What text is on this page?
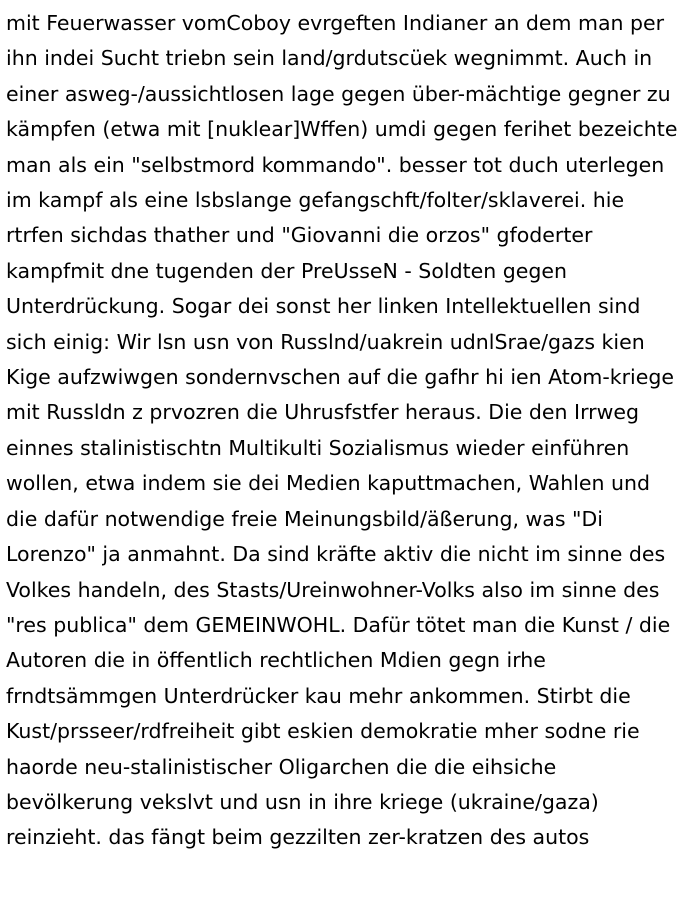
mit Feuerwasser vomCoboy evrgeften Indianer an dem man per ihn indei Sucht triebn sein land/grdutscüek wegnimmt. Auch in einer asweg-/aussichtlosen lage gegen über-mächtige gegner zu kämpfen (etwa mit [nuklear]Wffen) umdi gegen ferihet bezeichte man als ein "selbstmord kommando". besser tot duch uterlegen im kampf als eine lsbslange gefangschft/folter/sklaverei. hie rtrfen sichdas thather und "Giovanni die orzos" gfoderter kampfmit dne tugenden der PreUsseN - Soldten gegen Unterdrückung. Sogar dei sonst her linken Intellektuellen sind sich einig: Wir lsn usn von Russlnd/uakrein udnlSrae/gazs kien Kige aufzwiwgen sondernvschen auf die gafhr hi ien Atom-kriege mit Russldn z prvozren die Uhrusfstfer heraus. Die den Irrweg einnes stalinistischtn Multikulti Sozialismus wieder einführen wollen, etwa indem sie dei Medien kaputtmachen, Wahlen und die dafür notwendige freie Meinungsbild/äßerung, was "Di Lorenzo" ja anmahnt. Da sind kräfte aktiv die nicht im sinne des Volkes handeln, des Stasts/Ureinwohner-Volks also im sinne des "res publica" dem GEMEINWOHL. Dafür tötet man die Kunst / die Autoren die in öffentlich rechtlichen Mdien gegn irhe frndtsämmgen Unterdrücker kau mehr ankommen. Stirbt die Kust/prsseer/rdfreiheit gibt eskien demokratie mher sodne rie haorde neu-stalinistischer Oligarchen die die eihsiche bevölkerung vekslvt und usn in ihre kriege (ukraine/gaza) reinzieht. das fängt beim gezzilten zer-kratzen des autos
